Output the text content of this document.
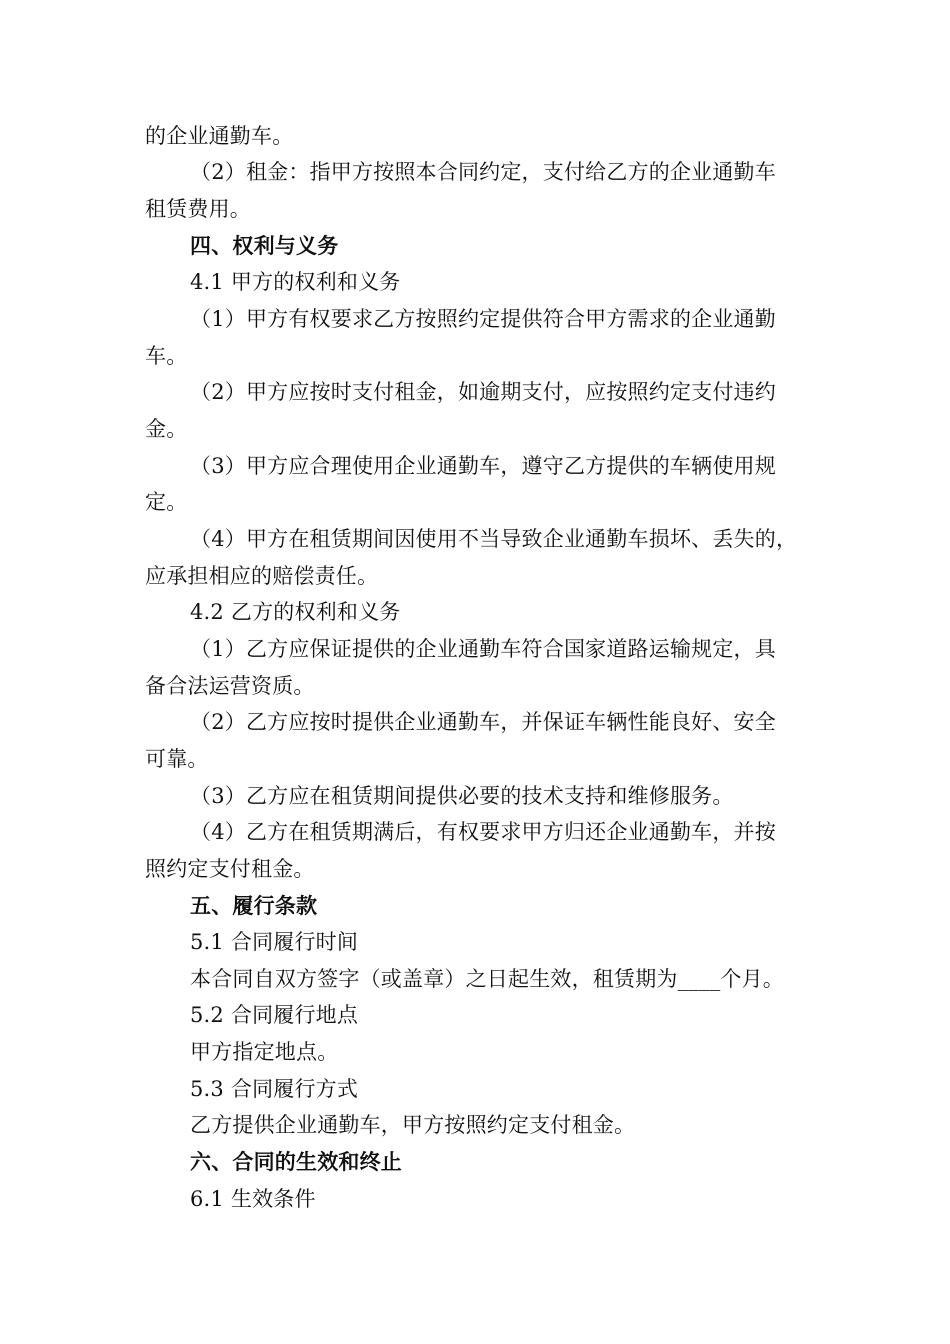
的企业通勤车。

（2）租金：指甲方按照本合同约定，支付给乙方的企业通勤车

租赁费用。

四、权利与义务

4.1 甲方的权利和义务

（1）甲方有权要求乙方按照约定提供符合甲方需求的企业通勤

车。

（2）甲方应按时支付租金，如逾期支付，应按照约定支付违约

金。

（3）甲方应合理使用企业通勤车，遵守乙方提供的车辆使用规

定。

（4）甲方在租赁期间因使用不当导致企业通勤车损坏、丢失的，

应承担相应的赔偿责任。

4.2 乙方的权利和义务

（1）乙方应保证提供的企业通勤车符合国家道路运输规定，具

备合法运营资质。

（2）乙方应按时提供企业通勤车，并保证车辆性能良好、安全

可靠。

（3）乙方应在租赁期间提供必要的技术支持和维修服务。

（4）乙方在租赁期满后，有权要求甲方归还企业通勤车，并按

照约定支付租金。

五、履行条款

5.1 合同履行时间

本合同自双方签字（或盖章）之日起生效，租赁期为____个月。

5.2 合同履行地点

甲方指定地点。

5.3 合同履行方式

乙方提供企业通勤车，甲方按照约定支付租金。

六、合同的生效和终止

6.1 生效条件
